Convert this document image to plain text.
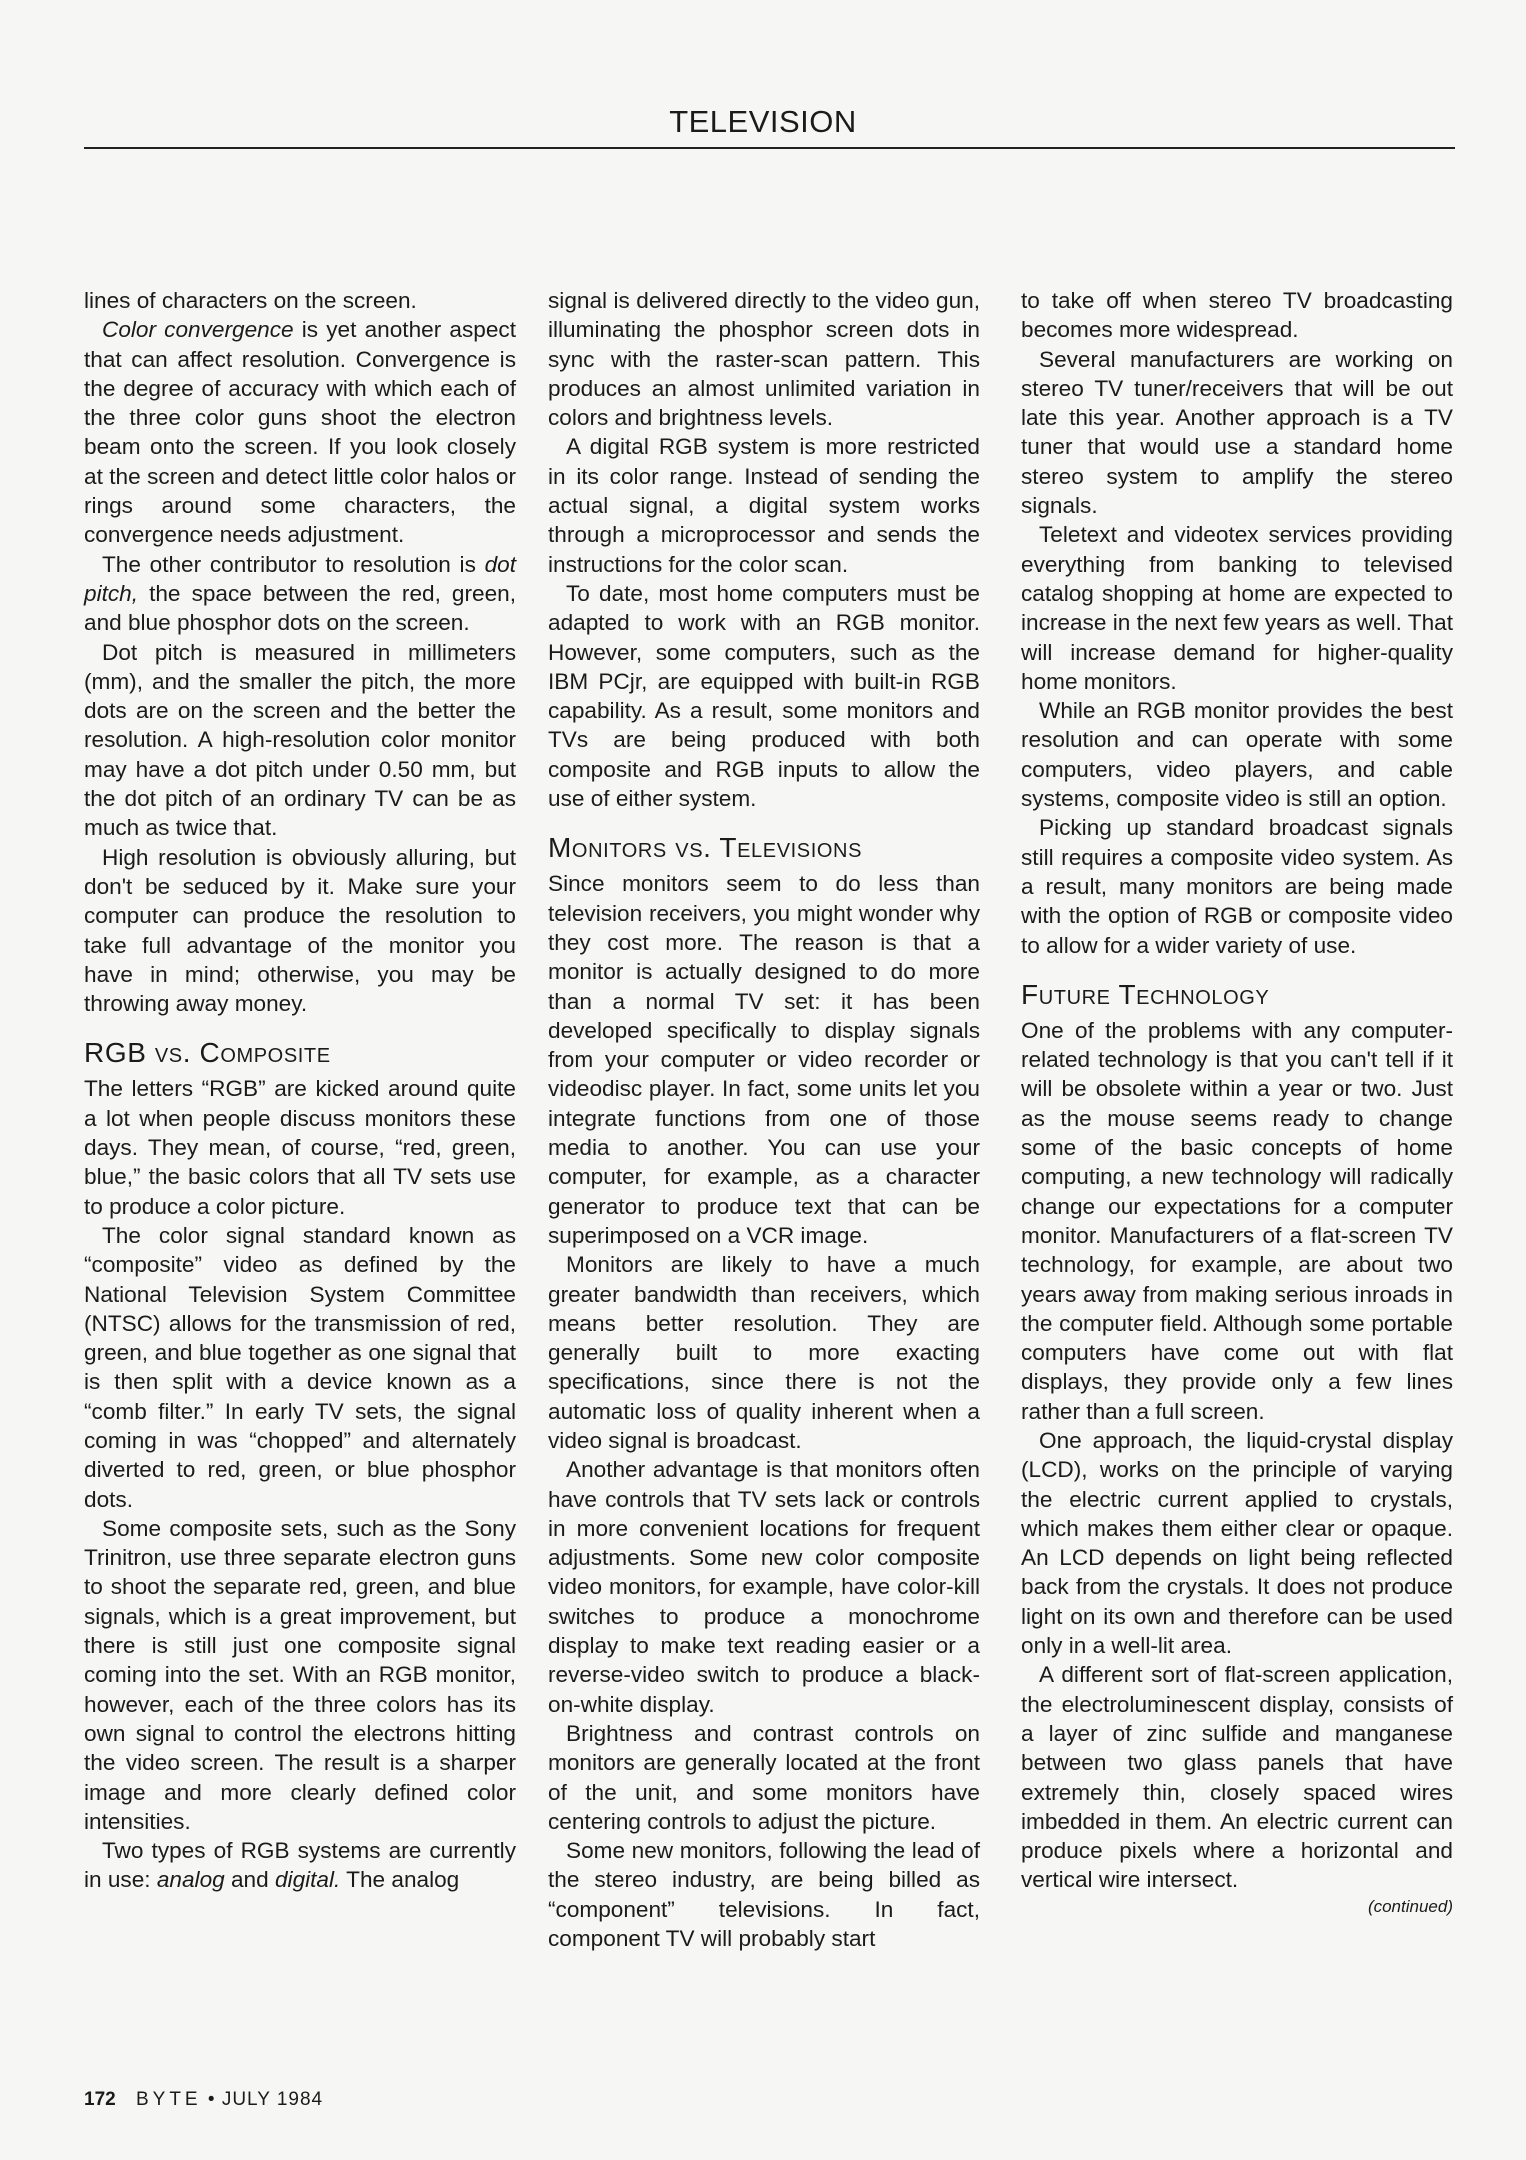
TELEVISION

lines of characters on the screen.

Color convergence is yet another aspect that can affect resolution. Convergence is the degree of accuracy with which each of the three color guns shoot the electron beam onto the screen. If you look closely at the screen and detect little color halos or rings around some characters, the convergence needs adjustment.

The other contributor to resolution is dot pitch, the space between the red, green, and blue phosphor dots on the screen.

Dot pitch is measured in millimeters (mm), and the smaller the pitch, the more dots are on the screen and the better the resolution. A high-resolution color monitor may have a dot pitch under 0.50 mm, but the dot pitch of an ordinary TV can be as much as twice that.

High resolution is obviously alluring, but don't be seduced by it. Make sure your computer can produce the resolution to take full advantage of the monitor you have in mind; otherwise, you may be throwing away money.

RGB vs. Composite

The letters “RGB” are kicked around quite a lot when people discuss monitors these days. They mean, of course, “red, green, blue,” the basic colors that all TV sets use to produce a color picture.

The color signal standard known as “composite” video as defined by the National Television System Committee (NTSC) allows for the transmission of red, green, and blue together as one signal that is then split with a device known as a “comb filter.” In early TV sets, the signal coming in was “chopped” and alternately diverted to red, green, or blue phosphor dots.

Some composite sets, such as the Sony Trinitron, use three separate electron guns to shoot the separate red, green, and blue signals, which is a great improvement, but there is still just one composite signal coming into the set. With an RGB monitor, however, each of the three colors has its own signal to control the electrons hitting the video screen. The result is a sharper image and more clearly defined color intensities.

Two types of RGB systems are currently in use: analog and digital. The analog

signal is delivered directly to the video gun, illuminating the phosphor screen dots in sync with the raster-scan pattern. This produces an almost unlimited variation in colors and brightness levels.

A digital RGB system is more restricted in its color range. Instead of sending the actual signal, a digital system works through a microprocessor and sends the instructions for the color scan.

To date, most home computers must be adapted to work with an RGB monitor. However, some computers, such as the IBM PCjr, are equipped with built-in RGB capability. As a result, some monitors and TVs are being produced with both composite and RGB inputs to allow the use of either system.

Monitors vs. Televisions

Since monitors seem to do less than television receivers, you might wonder why they cost more. The reason is that a monitor is actually designed to do more than a normal TV set: it has been developed specifically to display signals from your computer or video recorder or videodisc player. In fact, some units let you integrate functions from one of those media to another. You can use your computer, for example, as a character generator to produce text that can be superimposed on a VCR image.

Monitors are likely to have a much greater bandwidth than receivers, which means better resolution. They are generally built to more exacting specifications, since there is not the automatic loss of quality inherent when a video signal is broadcast.

Another advantage is that monitors often have controls that TV sets lack or controls in more convenient locations for frequent adjustments. Some new color composite video monitors, for example, have color-kill switches to produce a monochrome display to make text reading easier or a reverse-video switch to produce a black-on-white display.

Brightness and contrast controls on monitors are generally located at the front of the unit, and some monitors have centering controls to adjust the picture.

Some new monitors, following the lead of the stereo industry, are being billed as “component” televisions. In fact, component TV will probably start

to take off when stereo TV broadcasting becomes more widespread.

Several manufacturers are working on stereo TV tuner/receivers that will be out late this year. Another approach is a TV tuner that would use a standard home stereo system to amplify the stereo signals.

Teletext and videotex services providing everything from banking to televised catalog shopping at home are expected to increase in the next few years as well. That will increase demand for higher-quality home monitors.

While an RGB monitor provides the best resolution and can operate with some computers, video players, and cable systems, composite video is still an option.

Picking up standard broadcast signals still requires a composite video system. As a result, many monitors are being made with the option of RGB or composite video to allow for a wider variety of use.

Future Technology

One of the problems with any computer-related technology is that you can't tell if it will be obsolete within a year or two. Just as the mouse seems ready to change some of the basic concepts of home computing, a new technology will radically change our expectations for a computer monitor. Manufacturers of a flat-screen TV technology, for example, are about two years away from making serious inroads in the computer field. Although some portable computers have come out with flat displays, they provide only a few lines rather than a full screen.

One approach, the liquid-crystal display (LCD), works on the principle of varying the electric current applied to crystals, which makes them either clear or opaque. An LCD depends on light being reflected back from the crystals. It does not produce light on its own and therefore can be used only in a well-lit area.

A different sort of flat-screen application, the electroluminescent display, consists of a layer of zinc sulfide and manganese between two glass panels that have extremely thin, closely spaced wires imbedded in them. An electric current can produce pixels where a horizontal and vertical wire intersect.

(continued)
172 BYTE • JULY 1984
